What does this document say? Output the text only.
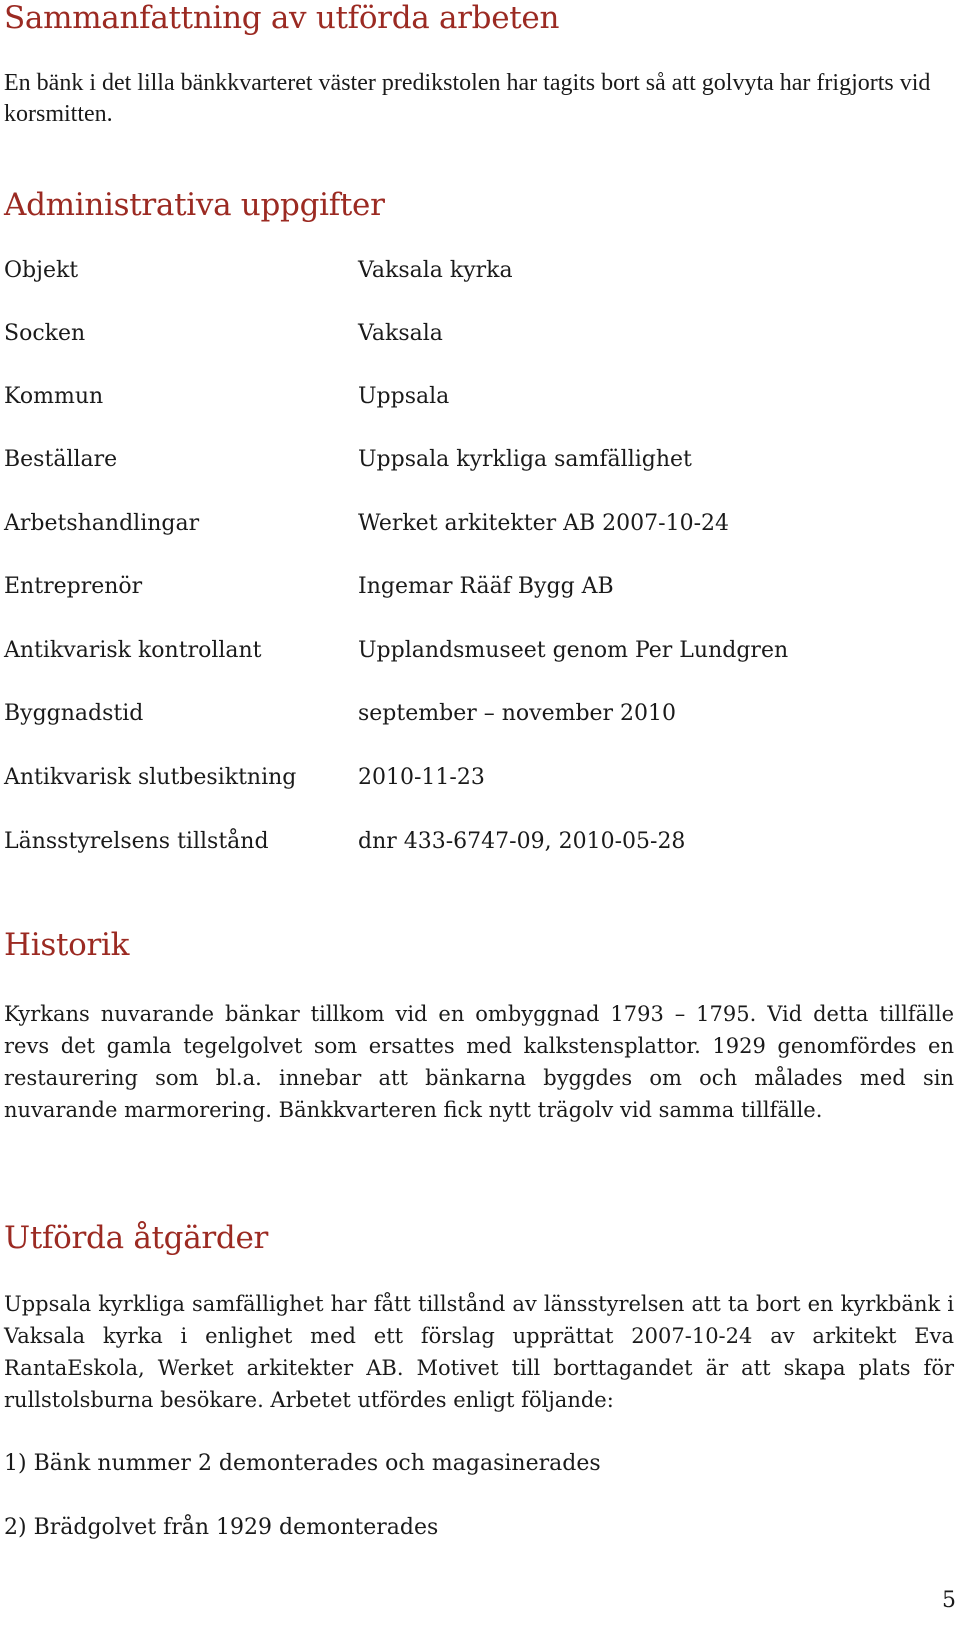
Sammanfattning av utförda arbeten

En bänk i det lilla bänkkvarteret väster predikstolen har tagits bort så att golvyta har frigjorts vid korsmitten.

Administrativa uppgifter
Objekt	Vaksala kyrka
Socken	Vaksala
Kommun	Uppsala
Beställare	Uppsala kyrkliga samfällighet
Arbetshandlingar	Werket arkitekter AB 2007-10-24
Entreprenör	Ingemar Rääf Bygg AB
Antikvarisk kontrollant	Upplandsmuseet genom Per Lundgren
Byggnadstid	september – november 2010
Antikvarisk slutbesiktning	2010-11-23
Länsstyrelsens tillstånd	dnr 433-6747-09, 2010-05-28
Historik

Kyrkans nuvarande bänkar tillkom vid en ombyggnad 1793 – 1795. Vid detta tillfälle revs det gamla tegelgolvet som ersattes med kalkstensplattor. 1929 genomfördes en restaurering som bl.a. innebar att bänkarna byggdes om och målades med sin nuvarande marmorering. Bänkkvarteren fick nytt trägolv vid samma tillfälle.

Utförda åtgärder

Uppsala kyrkliga samfällighet har fått tillstånd av länsstyrelsen att ta bort en kyrkbänk i Vaksala kyrka i enlighet med ett förslag upprättat 2007-10-24 av arkitekt Eva RantaEskola, Werket arkitekter AB. Motivet till borttagandet är att skapa plats för rullstolsburna besökare. Arbetet utfördes enligt följande:

1) Bänk nummer 2 demonterades och magasinerades
2) Brädgolvet från 1929 demonterades
5
